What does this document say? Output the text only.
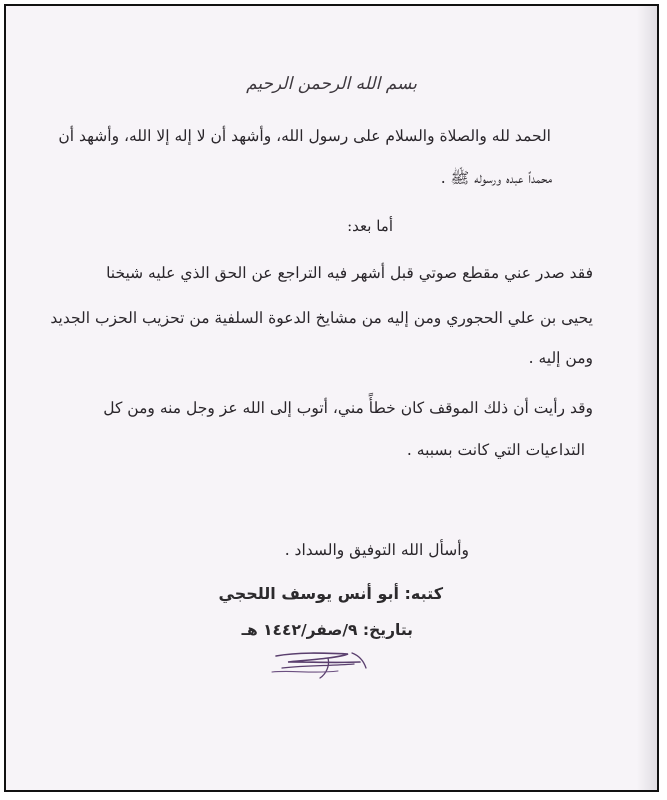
بسم الله الرحمن الرحيم
الحمد لله والصلاة والسلام على رسول الله، وأشهد أن لا إله إلا الله، وأشهد أن
محمداً عبده ورسوله ﷺ .
أما بعد:
فقد صدر عني مقطع صوتي قبل أشهر فيه التراجع عن الحق الذي عليه شيخنا
يحيى بن علي الحجوري ومن إليه من مشايخ الدعوة السلفية من تحزيب الحزب الجديد
ومن إليه .
وقد رأيت أن ذلك الموقف كان خطأً مني، أتوب إلى الله عز وجل منه ومن كل
التداعيات التي كانت بسببه .
وأسأل الله التوفيق والسداد .
كتبه: أبو أنس يوسف اللحجي
بتاريخ: ٩/صفر/١٤٤٢ هـ
